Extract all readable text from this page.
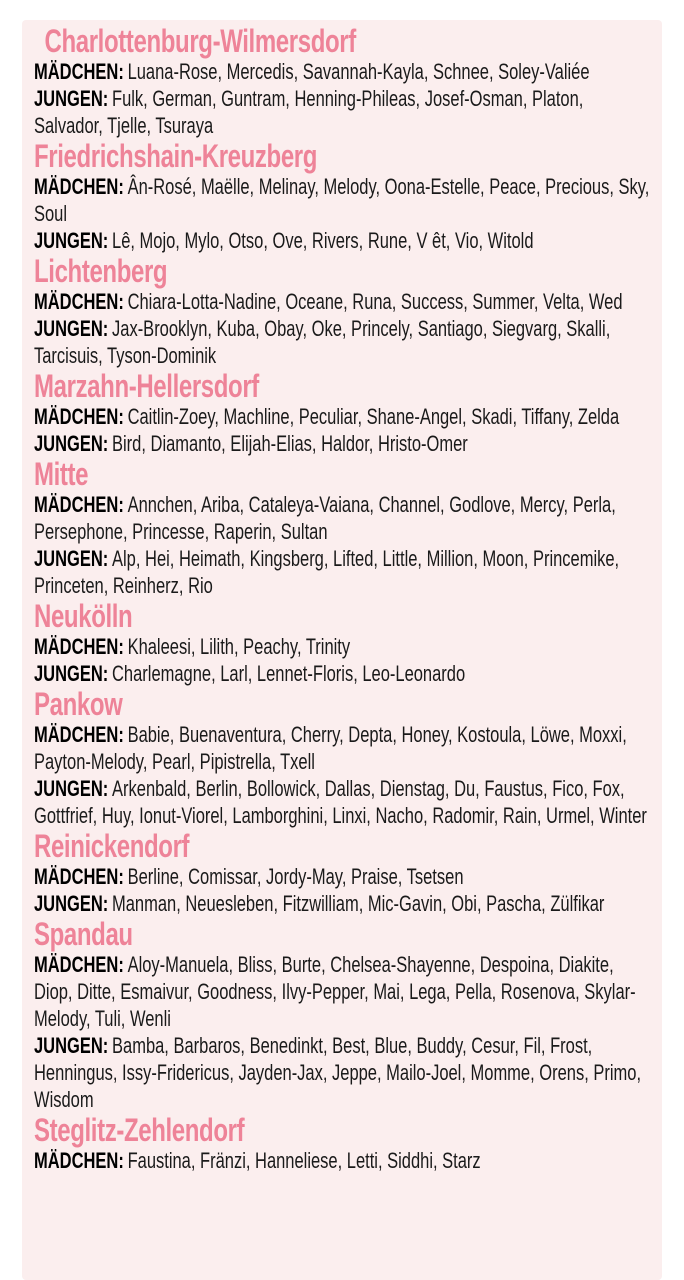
Charlottenburg-Wilmersdorf

MÄDCHEN: Luana-Rose, Mercedis, Savannah-Kayla, Schnee, Soley-Valiée

JUNGEN: Fulk, German, Guntram, Henning-Phileas, Josef-Osman, Platon, Salvador, Tjelle, Tsuraya

Friedrichshain-Kreuzberg

MÄDCHEN: Ân-Rosé, Maëlle, Melinay, Melody, Oona-Estelle, Peace, Precious, Sky, Soul

JUNGEN: Lê, Mojo, Mylo, Otso, Ove, Rivers, Rune, V êt, Vio, Witold

Lichtenberg

MÄDCHEN: Chiara-Lotta-Nadine, Oceane, Runa, Success, Summer, Velta, Wed

JUNGEN: Jax-Brooklyn, Kuba, Obay, Oke, Princely, Santiago, Siegvarg, Skalli, Tarcisuis, Tyson-Dominik

Marzahn-Hellersdorf

MÄDCHEN: Caitlin-Zoey, Machline, Peculiar, Shane-Angel, Skadi, Tiffany, Zelda

JUNGEN: Bird, Diamanto, Elijah-Elias, Haldor, Hristo-Omer

Mitte

MÄDCHEN: Annchen, Ariba, Cataleya-Vaiana, Channel, Godlove, Mercy, Perla, Persephone, Princesse, Raperin, Sultan

JUNGEN: Alp, Hei, Heimath, Kingsberg, Lifted, Little, Million, Moon, Princemike, Princeten, Reinherz, Rio

Neukölln

MÄDCHEN: Khaleesi, Lilith, Peachy, Trinity

JUNGEN: Charlemagne, Larl, Lennet-Floris, Leo-Leonardo

Pankow

MÄDCHEN: Babie, Buenaventura, Cherry, Depta, Honey, Kostoula, Löwe, Moxxi, Payton-Melody, Pearl, Pipistrella, Txell

JUNGEN: Arkenbald, Berlin, Bollowick, Dallas, Dienstag, Du, Faustus, Fico, Fox, Gottfrief, Huy, Ionut-Viorel, Lamborghini, Linxi, Nacho, Radomir, Rain, Urmel, Winter

Reinickendorf

MÄDCHEN: Berline, Comissar, Jordy-May, Praise, Tsetsen

JUNGEN: Manman, Neuesleben, Fitzwilliam, Mic-Gavin, Obi, Pascha, Zülfikar

Spandau

MÄDCHEN: Aloy-Manuela, Bliss, Burte, Chelsea-Shayenne, Despoina, Diakite, Diop, Ditte, Esmaivur, Goodness, Ilvy-Pepper, Mai, Lega, Pella, Rosenova, Skylar-Melody, Tuli, Wenli

JUNGEN: Bamba, Barbaros, Benedinkt, Best, Blue, Buddy, Cesur, Fil, Frost, Henningus, Issy-Fridericus, Jayden-Jax, Jeppe, Mailo-Joel, Momme, Orens, Primo, Wisdom

Steglitz-Zehlendorf

MÄDCHEN: Faustina, Fränzi, Hanneliese, Letti, Siddhi, Starz
